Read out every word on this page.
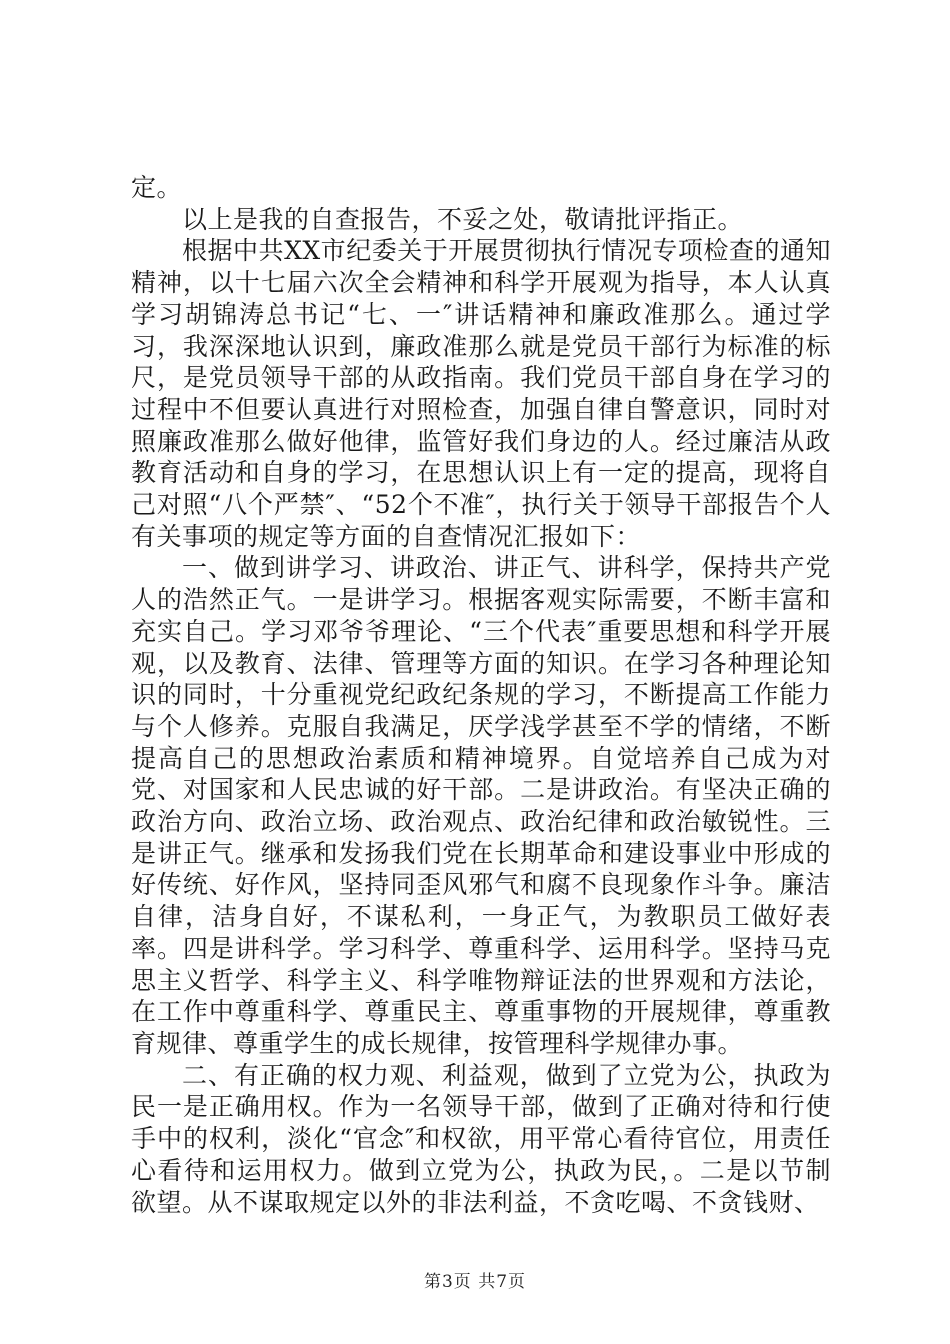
定。

以上是我的自查报告，不妥之处，敬请批评指正。

根据中共XX市纪委关于开展贯彻执行情况专项检查的通知精神，以十七届六次全会精神和科学开展观为指导，本人认真学习胡锦涛总书记“七、一″讲话精神和廉政准那么。通过学习，我深深地认识到，廉政准那么就是党员干部行为标准的标尺，是党员领导干部的从政指南。我们党员干部自身在学习的过程中不但要认真进行对照检查，加强自律自警意识，同时对照廉政准那么做好他律，监管好我们身边的人。经过廉洁从政教育活动和自身的学习，在思想认识上有一定的提高，现将自己对照“八个严禁″、“52个不准″，执行关于领导干部报告个人有关事项的规定等方面的自查情况汇报如下：

一、做到讲学习、讲政治、讲正气、讲科学，保持共产党人的浩然正气。一是讲学习。根据客观实际需要，不断丰富和充实自己。学习邓爷爷理论、“三个代表″重要思想和科学开展观，以及教育、法律、管理等方面的知识。在学习各种理论知识的同时，十分重视党纪政纪条规的学习，不断提高工作能力与个人修养。克服自我满足，厌学浅学甚至不学的情绪，不断提高自己的思想政治素质和精神境界。自觉培养自己成为对党、对国家和人民忠诚的好干部。二是讲政治。有坚决正确的政治方向、政治立场、政治观点、政治纪律和政治敏锐性。三是讲正气。继承和发扬我们党在长期革命和建设事业中形成的好传统、好作风，坚持同歪风邪气和腐不良现象作斗争。廉洁自律，洁身自好，不谋私利，一身正气，为教职员工做好表率。四是讲科学。学习科学、尊重科学、运用科学。坚持马克思主义哲学、科学主义、科学唯物辩证法的世界观和方法论，在工作中尊重科学、尊重民主、尊重事物的开展规律，尊重教育规律、尊重学生的成长规律，按管理科学规律办事。

二、有正确的权力观、利益观，做到了立党为公，执政为民一是正确用权。作为一名领导干部，做到了正确对待和行使手中的权利，淡化“官念″和权欲，用平常心看待官位，用责任心看待和运用权力。做到立党为公，执政为民，。二是以节制欲望。从不谋取规定以外的非法利益，不贪吃喝、不贪钱财、

第3页 共7页
